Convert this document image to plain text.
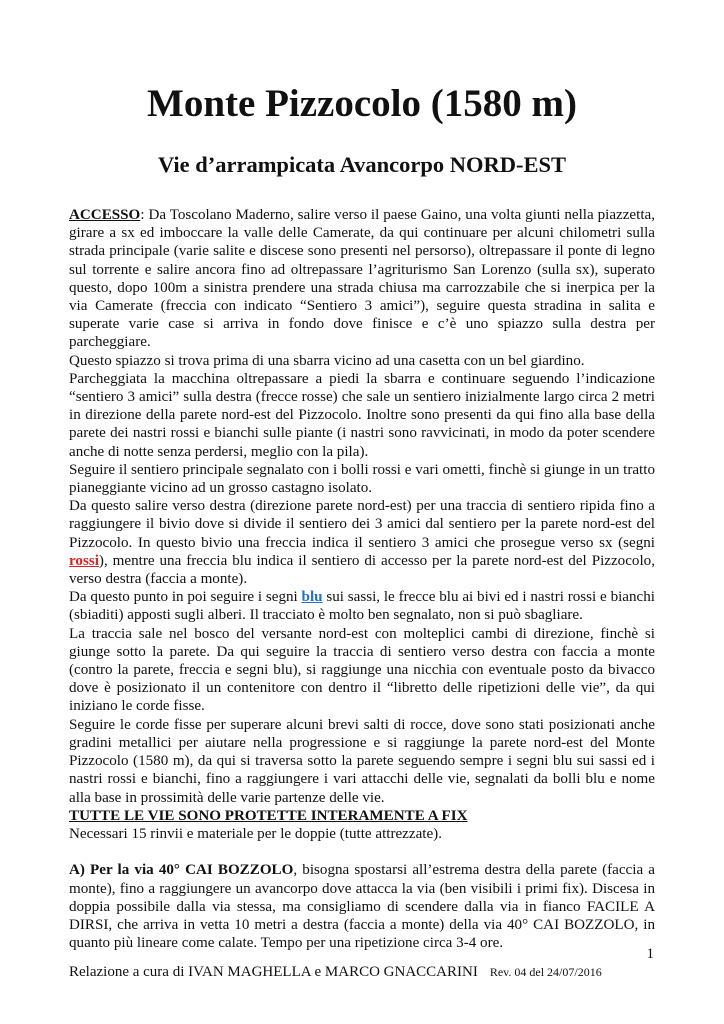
Monte Pizzocolo (1580 m)
Vie d’arrampicata Avancorpo NORD-EST

ACCESSO: Da Toscolano Maderno, salire verso il paese Gaino, una volta giunti nella piazzetta, girare a sx ed imboccare la valle delle Camerate, da qui continuare per alcuni chilometri sulla strada principale (varie salite e discese sono presenti nel persorso), oltrepassare il ponte di legno sul torrente e salire ancora fino ad oltrepassare l’agriturismo San Lorenzo (sulla sx), superato questo, dopo 100m a sinistra prendere una strada chiusa ma carrozzabile che si inerpica per la via Camerate (freccia con indicato “Sentiero 3 amici”), seguire questa stradina in salita e superate varie case si arriva in fondo dove finisce e c’è uno spiazzo sulla destra per parcheggiare.

Questo spiazzo si trova prima di una sbarra vicino ad una casetta con un bel giardino.

Parcheggiata la macchina oltrepassare a piedi la sbarra e continuare seguendo l’indicazione “sentiero 3 amici” sulla destra (frecce rosse) che sale un sentiero inizialmente largo circa 2 metri in direzione della parete nord-est del Pizzocolo. Inoltre sono presenti da qui fino alla base della parete dei nastri rossi e bianchi sulle piante (i nastri sono ravvicinati, in modo da poter scendere anche di notte senza perdersi, meglio con la pila).

Seguire il sentiero principale segnalato con i bolli rossi e vari ometti, finchè si giunge in un tratto pianeggiante vicino ad un grosso castagno isolato.

Da questo salire verso destra (direzione parete nord-est) per una traccia di sentiero ripida fino a raggiungere il bivio dove si divide il sentiero dei 3 amici dal sentiero per la parete nord-est del Pizzocolo. In questo bivio una freccia indica il sentiero 3 amici che prosegue verso sx (segni rossi), mentre una freccia blu indica il sentiero di accesso per la parete nord-est del Pizzocolo, verso destra (faccia a monte).

Da questo punto in poi seguire i segni blu sui sassi, le frecce blu ai bivi ed i nastri rossi e bianchi (sbiaditi) apposti sugli alberi. Il tracciato è molto ben segnalato, non si può sbagliare.

La traccia sale nel bosco del versante nord-est con molteplici cambi di direzione, finchè si giunge sotto la parete. Da qui seguire la traccia di sentiero verso destra con faccia a monte (contro la parete, freccia e segni blu), si raggiunge una nicchia con eventuale posto da bivacco dove è posizionato il un contenitore con dentro il “libretto delle ripetizioni delle vie”, da qui iniziano le corde fisse.

Seguire le corde fisse per superare alcuni brevi salti di rocce, dove sono stati posizionati anche gradini metallici per aiutare nella progressione e si raggiunge la parete nord-est del Monte Pizzocolo (1580 m), da qui si traversa sotto la parete seguendo sempre i segni blu sui sassi ed i nastri rossi e bianchi, fino a raggiungere i vari attacchi delle vie, segnalati da bolli blu e nome alla base in prossimità delle varie partenze delle vie.

TUTTE LE VIE SONO PROTETTE INTERAMENTE A FIX

Necessari 15 rinvii e materiale per le doppie (tutte attrezzate).

A) Per la via 40° CAI BOZZOLO, bisogna spostarsi all’estrema destra della parete (faccia a monte), fino a raggiungere un avancorpo dove attacca la via (ben visibili i primi fix). Discesa in doppia possibile dalla via stessa, ma consigliamo di scendere dalla via in fianco FACILE A DIRSI, che arriva in vetta 10 metri a destra (faccia a monte) della via 40° CAI BOZZOLO, in quanto più lineare come calate. Tempo per una ripetizione circa 3-4 ore.

1
Relazione a cura di IVAN MAGHELLA e MARCO GNACCARINI Rev. 04 del 24/07/2016
